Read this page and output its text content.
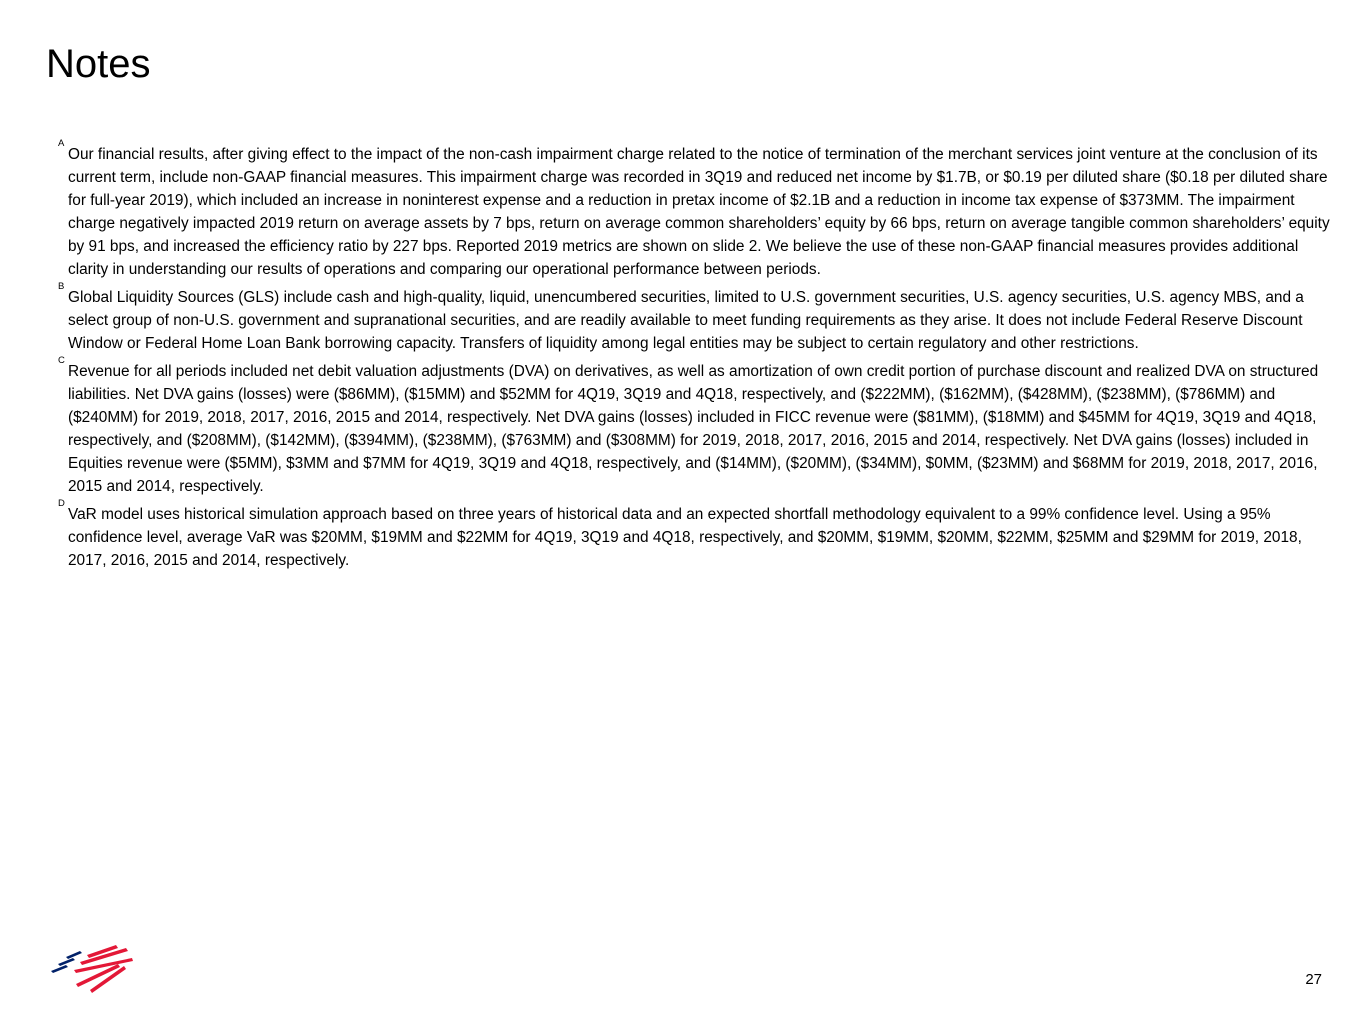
Notes
A
Our financial results, after giving effect to the impact of the non-cash impairment charge related to the notice of termination of the merchant services joint venture at the conclusion of its current term, include non-GAAP financial measures. This impairment charge was recorded in 3Q19 and reduced net income by $1.7B, or $0.19 per diluted share ($0.18 per diluted share for full-year 2019), which included an increase in noninterest expense and a reduction in pretax income of $2.1B and a reduction in income tax expense of $373MM. The impairment charge negatively impacted 2019 return on average assets by 7 bps, return on average common shareholders’ equity by 66 bps, return on average tangible common shareholders’ equity by 91 bps, and increased the efficiency ratio by 227 bps. Reported 2019 metrics are shown on slide 2. We believe the use of these non-GAAP financial measures provides additional clarity in understanding our results of operations and comparing our operational performance between periods.
B
Global Liquidity Sources (GLS) include cash and high-quality, liquid, unencumbered securities, limited to U.S. government securities, U.S. agency securities, U.S. agency MBS, and a select group of non-U.S. government and supranational securities, and are readily available to meet funding requirements as they arise. It does not include Federal Reserve Discount Window or Federal Home Loan Bank borrowing capacity. Transfers of liquidity among legal entities may be subject to certain regulatory and other restrictions.
C
Revenue for all periods included net debit valuation adjustments (DVA) on derivatives, as well as amortization of own credit portion of purchase discount and realized DVA on structured liabilities. Net DVA gains (losses) were ($86MM), ($15MM) and $52MM for 4Q19, 3Q19 and 4Q18, respectively, and ($222MM), ($162MM), ($428MM), ($238MM), ($786MM) and ($240MM) for 2019, 2018, 2017, 2016, 2015 and 2014, respectively. Net DVA gains (losses) included in FICC revenue were ($81MM), ($18MM) and $45MM for 4Q19, 3Q19 and 4Q18, respectively, and ($208MM), ($142MM), ($394MM), ($238MM), ($763MM) and ($308MM) for 2019, 2018, 2017, 2016, 2015 and 2014, respectively. Net DVA gains (losses) included in Equities revenue were ($5MM), $3MM and $7MM for 4Q19, 3Q19 and 4Q18, respectively, and ($14MM), ($20MM), ($34MM), $0MM, ($23MM) and $68MM for 2019, 2018, 2017, 2016, 2015 and 2014, respectively.
D
VaR model uses historical simulation approach based on three years of historical data and an expected shortfall methodology equivalent to a 99% confidence level. Using a 95% confidence level, average VaR was $20MM, $19MM and $22MM for 4Q19, 3Q19 and 4Q18, respectively, and $20MM, $19MM, $20MM, $22MM, $25MM and $29MM for 2019, 2018, 2017, 2016, 2015 and 2014, respectively.
27
